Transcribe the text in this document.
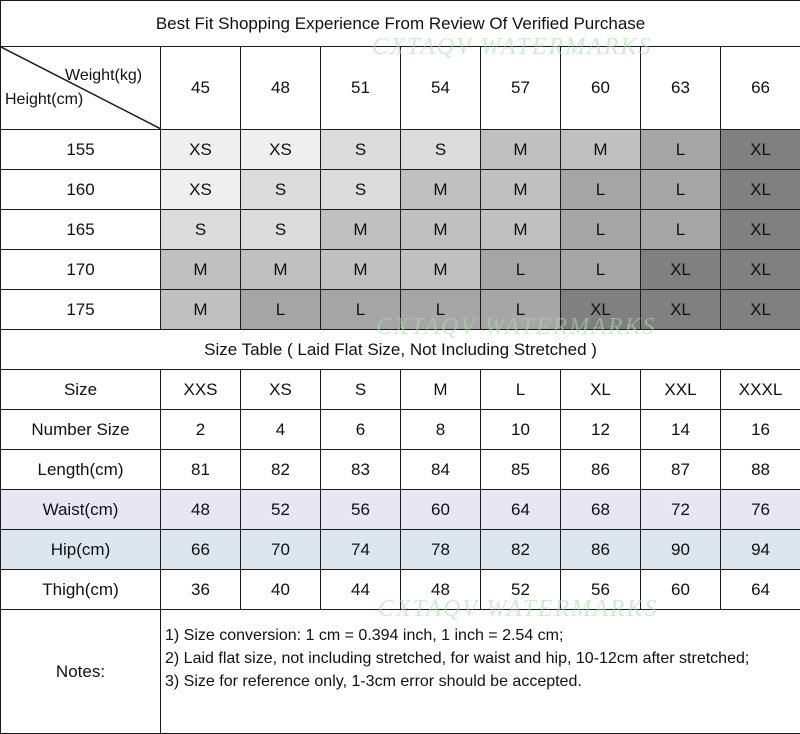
Best Fit Shopping Experience From Review Of Verified Purchase								

Weight(kg)
Height(cm)	45	48	51	54	57	60	63	66
155	XS	XS	S	S	M	M	L	XL
160	XS	S	S	M	M	L	L	XL
165	S	S	M	M	M	L	L	XL
170	M	M	M	M	L	L	XL	XL
175	M	L	L	L	L	XL	XL	XL
Size Table ( Laid Flat Size, Not Including Stretched )								
Size	XXS	XS	S	M	L	XL	XXL	XXXL
Number Size	2	4	6	8	10	12	14	16
Length(cm)	81	82	83	84	85	86	87	88
Waist(cm)	48	52	56	60	64	68	72	76
Hip(cm)	66	70	74	78	82	86	90	94
Thigh(cm)	36	40	44	48	52	56	60	64
Notes:	1) Size conversion: 1 cm = 0.394 inch, 1 inch = 2.54 cm;
2) Laid flat size, not including stretched, for waist and hip, 10-12cm after stretched;
3) Size for reference only, 1-3cm error should be accepted.							
CXTAQV WATERMARKS
CXTAQV WATERMARKS
CXTAQV WATERMARKS
